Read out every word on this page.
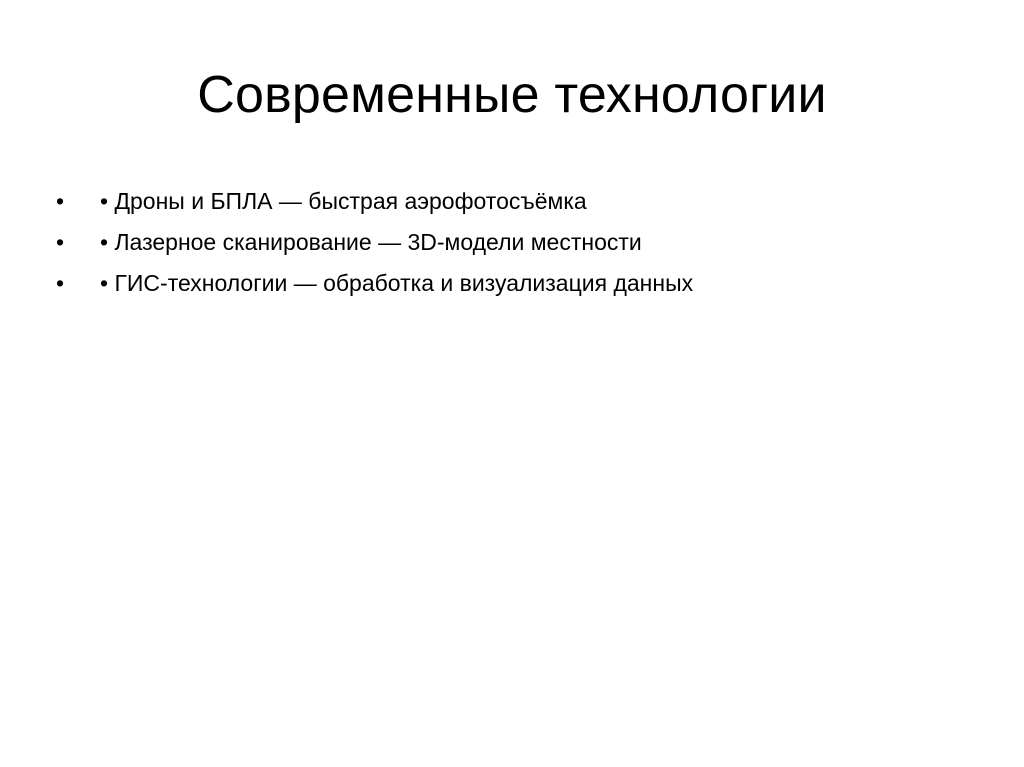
Современные технологии
•	• Дроны и БПЛА — быстрая аэрофотосъёмка
•	• Лазерное сканирование — 3D-модели местности
•	• ГИС-технологии — обработка и визуализация данных
